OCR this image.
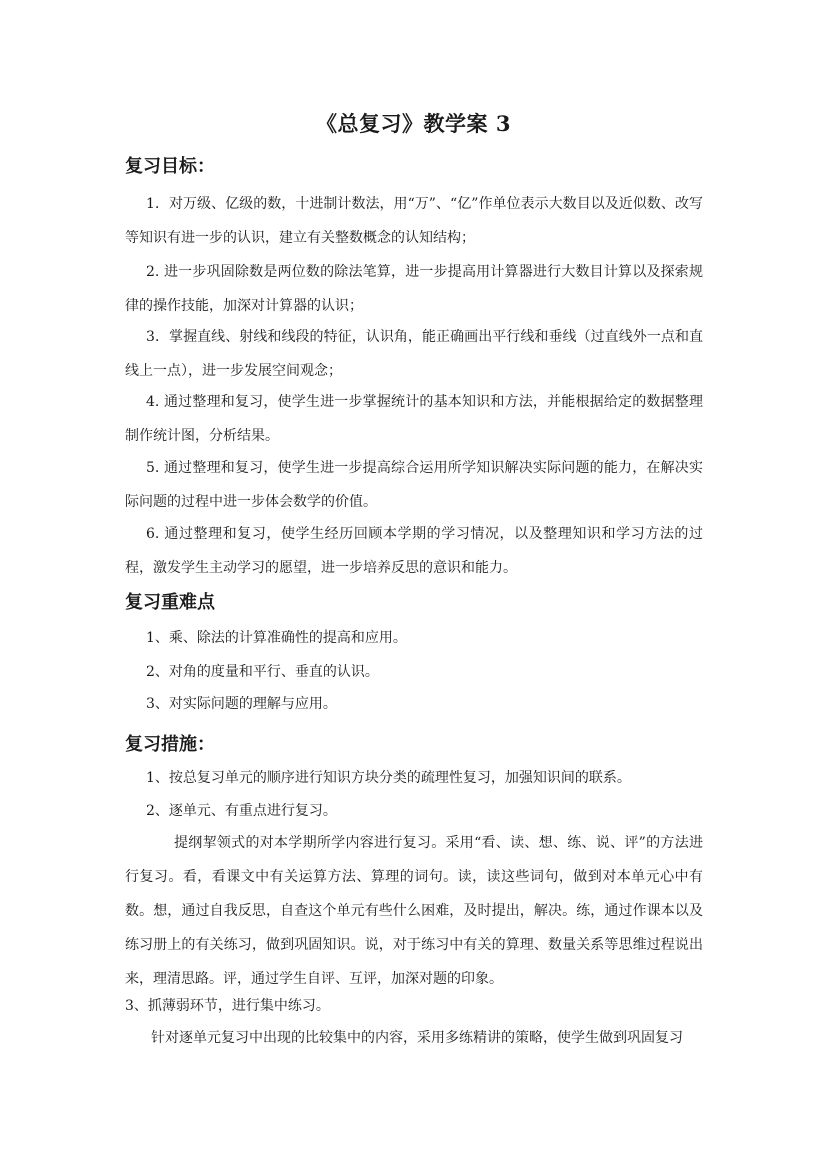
《总复习》教学案 3
复习目标：

1．对万级、亿级的数，十进制计数法，用“万”、“亿”作单位表示大数目以及近似数、改写等知识有进一步的认识，建立有关整数概念的认知结构；

2. 进一步巩固除数是两位数的除法笔算，进一步提高用计算器进行大数目计算以及探索规律的操作技能，加深对计算器的认识；

3．掌握直线、射线和线段的特征，认识角，能正确画出平行线和垂线（过直线外一点和直线上一点），进一步发展空间观念；

4. 通过整理和复习，使学生进一步掌握统计的基本知识和方法，并能根据给定的数据整理制作统计图，分析结果。

5. 通过整理和复习，使学生进一步提高综合运用所学知识解决实际问题的能力，在解决实际问题的过程中进一步体会数学的价值。

6. 通过整理和复习，使学生经历回顾本学期的学习情况，以及整理知识和学习方法的过程，激发学生主动学习的愿望，进一步培养反思的意识和能力。

复习重难点

1、乘、除法的计算准确性的提高和应用。

2、对角的度量和平行、垂直的认识。

3、对实际问题的理解与应用。

复习措施：

1、按总复习单元的顺序进行知识方块分类的疏理性复习，加强知识间的联系。

2、逐单元、有重点进行复习。

提纲挈领式的对本学期所学内容进行复习。采用“看、读、想、练、说、评”的方法进行复习。看，看课文中有关运算方法、算理的词句。读，读这些词句，做到对本单元心中有数。想，通过自我反思，自查这个单元有些什么困难，及时提出，解决。练，通过作课本以及练习册上的有关练习，做到巩固知识。说，对于练习中有关的算理、数量关系等思维过程说出来，理清思路。评，通过学生自评、互评，加深对题的印象。

3、抓薄弱环节，进行集中练习。

针对逐单元复习中出现的比较集中的内容，采用多练精讲的策略，使学生做到巩固复习
